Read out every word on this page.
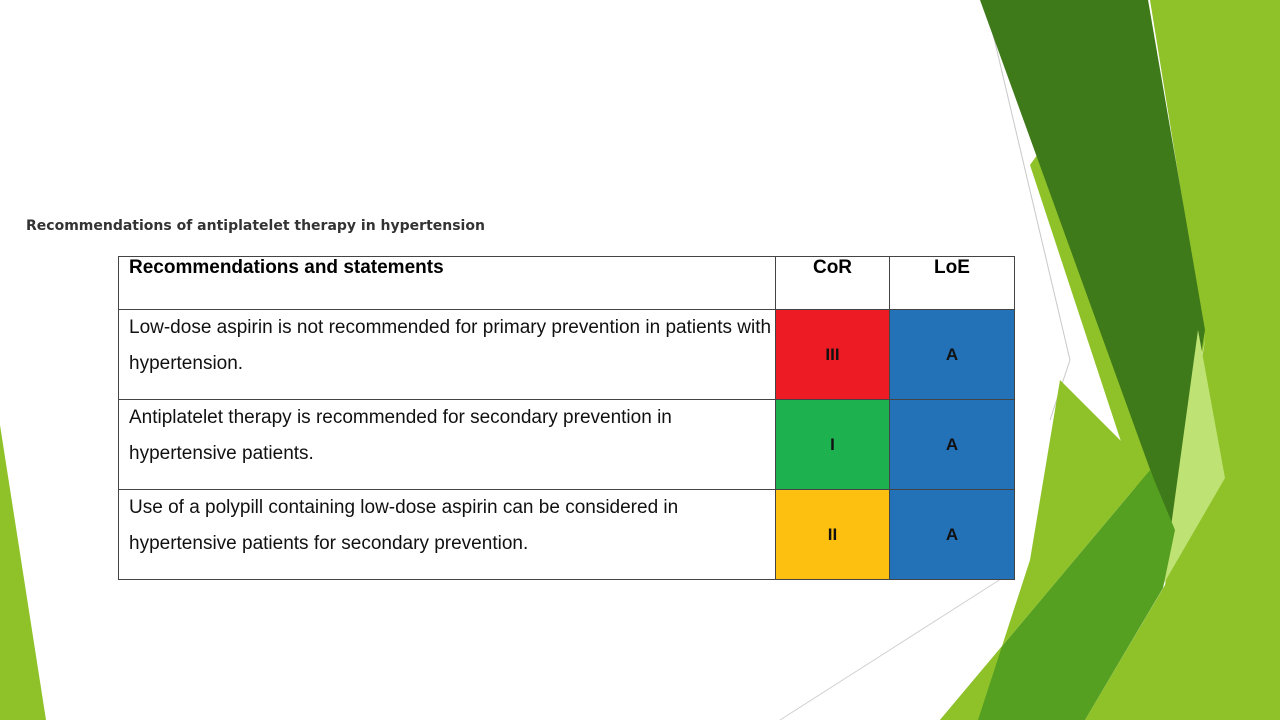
Recommendations of antiplatelet therapy in hypertension
Recommendations and statements	CoR	LoE
Low-dose aspirin is not recommended for primary prevention in patients with hypertension.	III	A
Antiplatelet therapy is recommended for secondary prevention in hypertensive patients.	I	A
Use of a polypill containing low-dose aspirin can be considered in hypertensive patients for secondary prevention.	II	A
